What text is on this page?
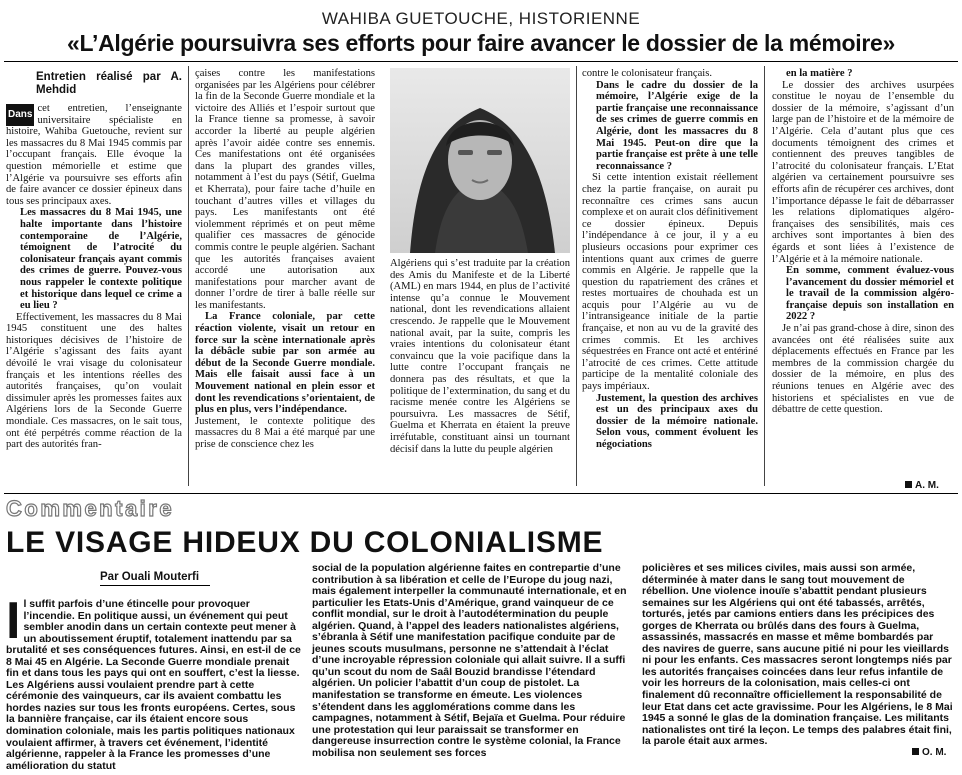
WAHIBA GUETOUCHE, HISTORIENNE
«L’Algérie poursuivra ses efforts pour faire avancer le dossier de la mémoire»
Entretien réalisé par A. Mehdid

Dans
cet entretien, l’enseignante universitaire spécialiste en histoire, Wahiba Guetouche, revient sur les massacres du 8 Mai 1945 commis par l’occupant français. Elle évoque la question mémorielle et estime que l’Algérie va poursuivre ses efforts afin de faire avancer ce dossier épineux dans tous ses principaux axes.

Les massacres du 8 Mai 1945, une halte importante dans l’histoire contemporaine de l’Algérie, témoignent de l’atrocité du colonisateur français ayant commis des crimes de guerre. Pouvez-vous nous rappeler le contexte politique et historique dans lequel ce crime a eu lieu ?

Effectivement, les massacres du 8 Mai 1945 constituent une des haltes historiques décisives de l’histoire de l’Algérie s’agissant des faits ayant dévoilé le vrai visage du colonisateur français et les intentions réelles des autorités françaises, qu’on voulait dissimuler après les promesses faites aux Algériens lors de la Seconde Guerre mondiale. Ces massacres, on le sait tous, ont été perpétrés comme réaction de la part des autorités fran-

çaises contre les manifestations organisées par les Algériens pour célébrer la fin de la Seconde Guerre mondiale et la victoire des Alliés et l’espoir surtout que la France tienne sa promesse, à savoir accorder la liberté au peuple algérien après l’avoir aidée contre ses ennemis. Ces manifestations ont été organisées dans la plupart des grandes villes, notamment à l’est du pays (Sétif, Guelma et Kherrata), pour faire tache d’huile en touchant d’autres villes et villages du pays. Les manifestants ont été violemment réprimés et on peut même qualifier ces massacres de génocide commis contre le peuple algérien. Sachant que les autorités françaises avaient accordé une autorisation aux manifestations pour marcher avant de donner l’ordre de tirer à balle réelle sur les manifestants.

La France coloniale, par cette réaction violente, visait un retour en force sur la scène internationale après la débâcle subie par son armée au début de la Seconde Guerre mondiale. Mais elle faisait aussi face à un Mouvement national en plein essor et dont les revendications s’orientaient, de plus en plus, vers l’indépendance.

Justement, le contexte politique des massacres du 8 Mai a été marqué par une prise de conscience chez les

Algériens qui s’est traduite par la création des Amis du Manifeste et de la Liberté (AML) en mars 1944, en plus de l’activité intense qu’a connue le Mouvement national, dont les revendications allaient crescendo. Je rappelle que le Mouvement national avait, par la suite, compris les vraies intentions du colonisateur étant convaincu que la voie pacifique dans la lutte contre l’occupant français ne donnera pas des résultats, et que la politique de l’extermination, du sang et du racisme menée contre les Algériens se poursuivra. Les massacres de Sétif, Guelma et Kherrata en étaient la preuve irréfutable, constituant ainsi un tournant décisif dans la lutte du peuple algérien

contre le colonisateur français.

Dans le cadre du dossier de la mémoire, l’Algérie exige de la partie française une reconnaissance de ses crimes de guerre commis en Algérie, dont les massacres du 8 Mai 1945. Peut-on dire que la partie française est prête à une telle reconnaissance ?

Si cette intention existait réellement chez la partie française, on aurait pu reconnaître ces crimes sans aucun complexe et on aurait clos définitivement ce dossier épineux. Depuis l’indépendance à ce jour, il y a eu plusieurs occasions pour exprimer ces intentions quant aux crimes de guerre commis en Algérie. Je rappelle que la question du rapatriement des crânes et restes mortuaires de chouhada est un acquis pour l’Algérie au vu de l’intransigeance initiale de la partie française, et non au vu de la gravité des crimes commis. Et les archives séquestrées en France ont acté et entériné l’atrocité de ces crimes. Cette attitude participe de la mentalité coloniale des pays impériaux.

Justement, la question des archives est un des principaux axes du dossier de la mémoire nationale. Selon vous, comment évoluent les négociations

en la matière ?

Le dossier des archives usurpées constitue le noyau de l’ensemble du dossier de la mémoire, s’agissant d’un large pan de l’histoire et de la mémoire de l’Algérie. Cela d’autant plus que ces documents témoignent des crimes et contiennent des preuves tangibles de l’atrocité du colonisateur français. L’Etat algérien va certainement poursuivre ses efforts afin de récupérer ces archives, dont l’importance dépasse le fait de débarrasser les relations diplomatiques algéro-françaises des sensibilités, mais ces archives sont importantes à bien des égards et sont liées à l’existence de l’Algérie et à la mémoire nationale.

En somme, comment évaluez-vous l’avancement du dossier mémoriel et le travail de la commission algéro-française depuis son installation en 2022 ?

Je n’ai pas grand-chose à dire, sinon des avancées ont été réalisées suite aux déplacements effectués en France par les membres de la commission chargée du dossier de la mémoire, en plus des réunions tenues en Algérie avec des historiens et spécialistes en vue de débattre de cette question.

A. M.
Commentaire
LE VISAGE HIDEUX DU COLONIALISME
Par Ouali Mouterfi

Il suffit parfois d’une étincelle pour provoquer l’incendie. En politique aussi, un événement qui peut sembler anodin dans un certain contexte peut mener à un aboutissement éruptif, totalement inattendu par sa brutalité et ses conséquences futures. Ainsi, en est-il de ce 8 Mai 45 en Algérie. La Seconde Guerre mondiale prenait fin et dans tous les pays qui ont en souffert, c’est la liesse. Les Algériens aussi voulaient prendre part à cette cérémonie des vainqueurs, car ils avaient combattu les hordes nazies sur tous les fronts européens. Certes, sous la bannière française, car ils étaient encore sous domination coloniale, mais les partis politiques nationaux voulaient affirmer, à travers cet événement, l’identité algérienne, rappeler à la France les promesses d’une amélioration du statut

social de la population algérienne faites en contrepartie d’une contribution à sa libération et celle de l’Europe du joug nazi, mais également interpeller la communauté internationale, et en particulier les Etats-Unis d’Amérique, grand vainqueur de ce conflit mondial, sur le droit à l’autodétermination du peuple algérien. Quand, à l’appel des leaders nationalistes algériens, s’ébranla à Sétif une manifestation pacifique conduite par de jeunes scouts musulmans, personne ne s’attendait à l’éclat d’une incroyable répression coloniale qui allait suivre. Il a suffi qu’un scout du nom de Saâl Bouzid brandisse l’étendard algérien. Un policier l’abattit d’un coup de pistolet. La manifestation se transforme en émeute. Les violences s’étendent dans les agglomérations comme dans les campagnes, notamment à Sétif, Bejaïa et Guelma. Pour réduire une protestation qui leur paraissait se transformer en dangereuse insurrection contre le système colonial, la France mobilisa non seulement ses forces

policières et ses milices civiles, mais aussi son armée, déterminée à mater dans le sang tout mouvement de rébellion. Une violence inouïe s’abattit pendant plusieurs semaines sur les Algériens qui ont été tabassés, arrêtés, torturés, jetés par camions entiers dans les précipices des gorges de Kherrata ou brûlés dans des fours à Guelma, assassinés, massacrés en masse et même bombardés par des navires de guerre, sans aucune pitié ni pour les vieillards ni pour les enfants. Ces massacres seront longtemps niés par les autorités françaises coincées dans leur refus infantile de voir les horreurs de la colonisation, mais celles-ci ont finalement dû reconnaître officiellement la responsabilité de leur Etat dans cet acte gravissime. Pour les Algériens, le 8 Mai 1945 a sonné le glas de la domination française. Les militants nationalistes ont tiré la leçon. Le temps des palabres était fini, la parole était aux armes.

O. M.
